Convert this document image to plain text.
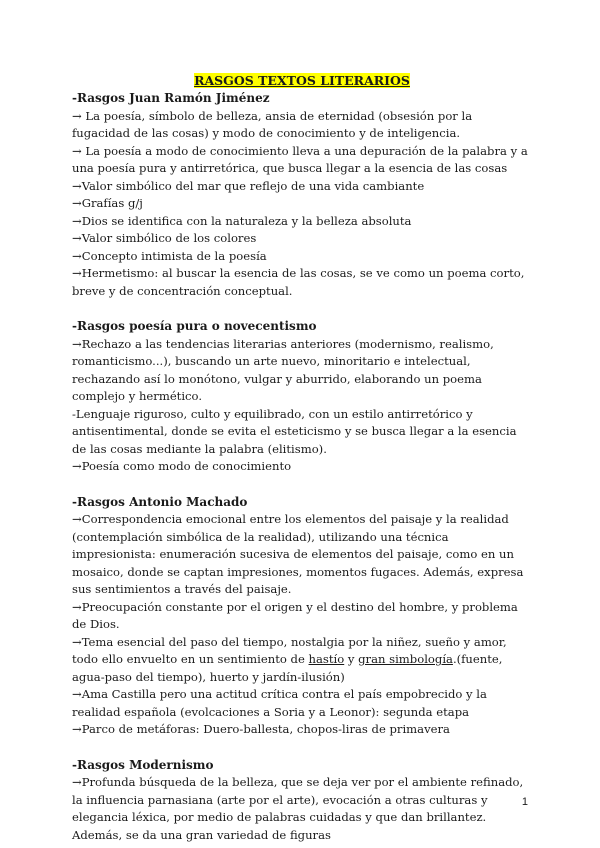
RASGOS TEXTOS LITERARIOS
-Rasgos Juan Ramón Jiménez

→ La poesía, símbolo de belleza, ansia de eternidad (obsesión por la fugacidad de las cosas) y modo de conocimiento y de inteligencia.

→ La poesía a modo de conocimiento lleva a una depuración de la palabra y a una poesía pura y antirretórica, que busca llegar a la esencia de las cosas

→Valor simbólico del mar que reflejo de una vida cambiante

→Grafías g/j

→Dios se identifica con la naturaleza y la belleza absoluta

→Valor simbólico de los colores

→Concepto intimista de la poesía

→Hermetismo: al buscar la esencia de las cosas, se ve como un poema corto, breve y de concentración conceptual.

-Rasgos poesía pura o novecentismo

→Rechazo a las tendencias literarias anteriores (modernismo, realismo, romanticismo...), buscando un arte nuevo, minoritario e intelectual, rechazando así lo monótono, vulgar y aburrido, elaborando un poema complejo y hermético.

-Lenguaje riguroso, culto y equilibrado, con un estilo antirretórico y antisentimental, donde se evita el esteticismo y se busca llegar a la esencia de las cosas mediante la palabra (elitismo).

→Poesía como modo de conocimiento

-Rasgos Antonio Machado

→Correspondencia emocional entre los elementos del paisaje y la realidad (contemplación simbólica de la realidad), utilizando una técnica impresionista: enumeración sucesiva de elementos del paisaje, como en un mosaico, donde se captan impresiones, momentos fugaces. Además, expresa sus sentimientos a través del paisaje.

→Preocupación constante por el origen y el destino del hombre, y problema de Dios.

→Tema esencial del paso del tiempo, nostalgia por la niñez, sueño y amor, todo ello envuelto en un sentimiento de hastío y gran simbología.(fuente, agua-paso del tiempo), huerto y jardín-ilusión)

→Ama Castilla pero una actitud crítica contra el país empobrecido y la realidad española (evolcaciones a Soria y a Leonor): segunda etapa

→Parco de metáforas: Duero-ballesta, chopos-liras de primavera

-Rasgos Modernismo

→Profunda búsqueda de la belleza, que se deja ver por el ambiente refinado, la influencia parnasiana (arte por el arte), evocación a otras culturas y elegancia léxica, por medio de palabras cuidadas y que dan brillantez. Además, se da una gran variedad de figuras

1
